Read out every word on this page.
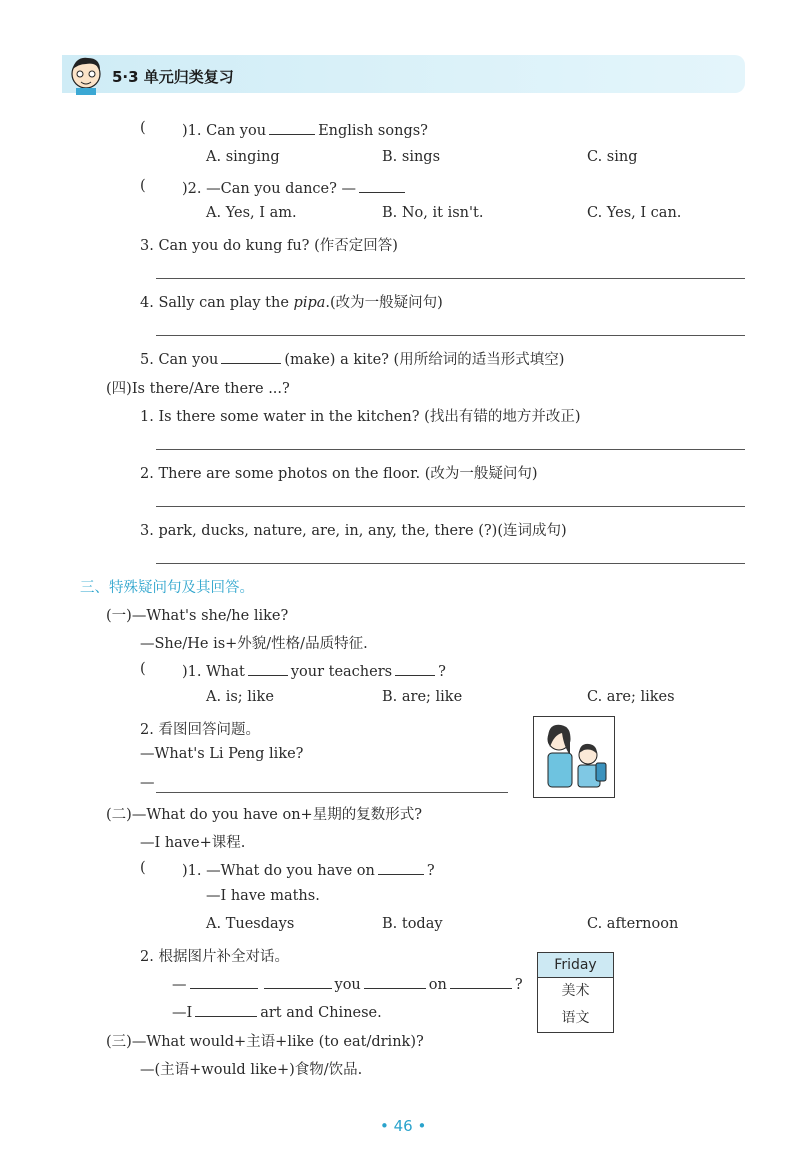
5·3 单元归类复习
(	)1. Can you	English songs?
A. singing	B. sings	C. sing
(	)2. —Can you dance? —
A. Yes, I am.	B. No, it isn't.	C. Yes, I can.
3. Can you do kung fu? (作否定回答)
4. Sally can play the pipa.(改为一般疑问句)
5. Can you	(make) a kite? (用所给词的适当形式填空)
(四)Is there/Are there ...?
1. Is there some water in the kitchen? (找出有错的地方并改正)
2. There are some photos on the floor. (改为一般疑问句)
3. park, ducks, nature, are, in, any, the, there (?)(连词成句)
三、特殊疑问句及其回答。
(一)—What's she/he like?
—She/He is+外貌/性格/品质特征.
(	)1. What	your teachers	?
A. is; like	B. are; like	C. are; likes
2. 看图回答问题。
—What's Li Peng like?
—
(二)—What do you have on+星期的复数形式?
—I have+课程.
(	)1. —What do you have on	?
—I have maths.
A. Tuesdays	B. today	C. afternoon
2. 根据图片补全对话。
—	you	on	?
—I	art and Chinese.
Friday
美术
语文
(三)—What would+主语+like (to eat/drink)?
—(主语+would like+)食物/饮品.
• 46 •
